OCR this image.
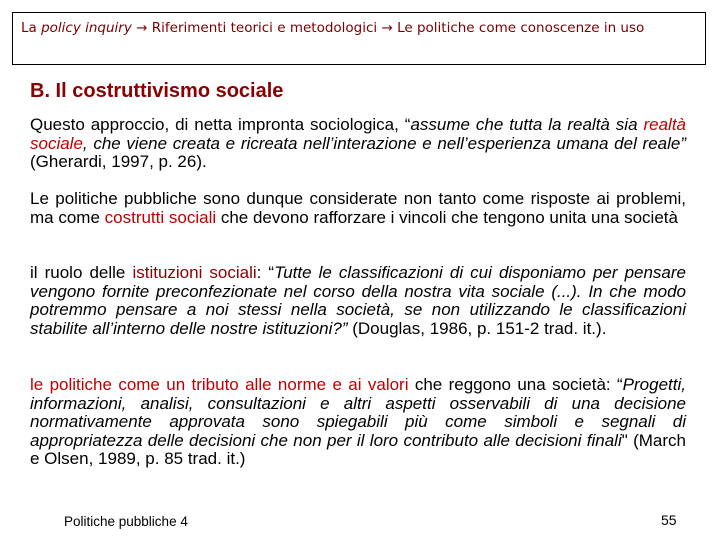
La policy inquiry → Riferimenti teorici e metodologici → Le politiche come conoscenze in uso
B. Il costruttivismo sociale
Questo approccio, di netta impronta sociologica, “assume che tutta la realtà sia realtà sociale, che viene creata e ricreata nell’interazione e nell’esperienza umana del reale” (Gherardi, 1997, p. 26).
Le politiche pubbliche sono dunque considerate non tanto come risposte ai problemi, ma come costrutti sociali che devono rafforzare i vincoli che tengono unita una società
il ruolo delle istituzioni sociali: “Tutte le classificazioni di cui disponiamo per pensare vengono fornite preconfezionate nel corso della nostra vita sociale (...). In che modo potremmo pensare a noi stessi nella società, se non utilizzando le classificazioni stabilite all’interno delle nostre istituzioni?” (Douglas, 1986, p. 151-2 trad. it.).
le politiche come un tributo alle norme e ai valori che reggono una società: “Progetti, informazioni, analisi, consultazioni e altri aspetti osservabili di una decisione normativamente approvata sono spiegabili più come simboli e segnali di appropriatezza delle decisioni che non per il loro contributo alle decisioni finali" (March e Olsen, 1989, p. 85 trad. it.)
Politiche pubbliche 4	55
